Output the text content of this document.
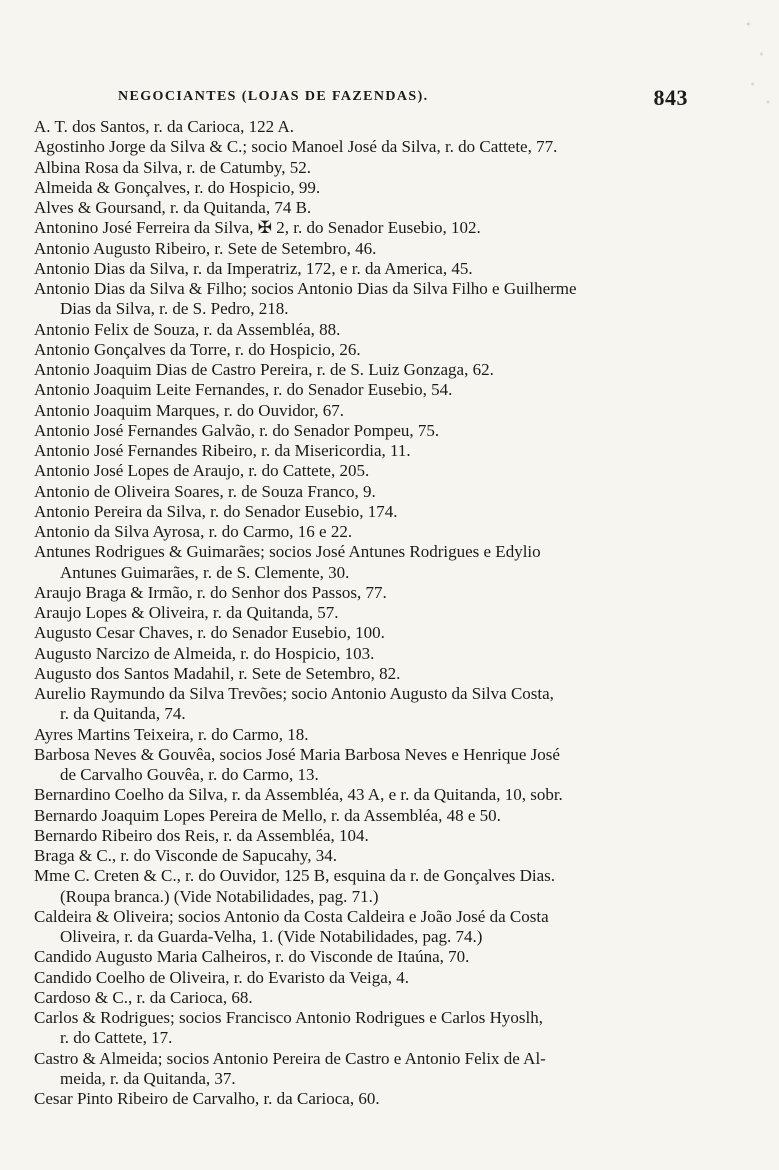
NEGOCIANTES (LOJAS DE FAZENDAS).	843
A. T. dos Santos, r. da Carioca, 122 A.
Agostinho Jorge da Silva & C.; socio Manoel José da Silva, r. do Cattete, 77.
Albina Rosa da Silva, r. de Catumby, 52.
Almeida & Gonçalves, r. do Hospicio, 99.
Alves & Goursand, r. da Quitanda, 74 B.
Antonino José Ferreira da Silva, ✠ 2, r. do Senador Eusebio, 102.
Antonio Augusto Ribeiro, r. Sete de Setembro, 46.
Antonio Dias da Silva, r. da Imperatriz, 172, e r. da America, 45.
Antonio Dias da Silva & Filho; socios Antonio Dias da Silva Filho e Guilherme
Dias da Silva, r. de S. Pedro, 218.
Antonio Felix de Souza, r. da Assembléa, 88.
Antonio Gonçalves da Torre, r. do Hospicio, 26.
Antonio Joaquim Dias de Castro Pereira, r. de S. Luiz Gonzaga, 62.
Antonio Joaquim Leite Fernandes, r. do Senador Eusebio, 54.
Antonio Joaquim Marques, r. do Ouvidor, 67.
Antonio José Fernandes Galvão, r. do Senador Pompeu, 75.
Antonio José Fernandes Ribeiro, r. da Misericordia, 11.
Antonio José Lopes de Araujo, r. do Cattete, 205.
Antonio de Oliveira Soares, r. de Souza Franco, 9.
Antonio Pereira da Silva, r. do Senador Eusebio, 174.
Antonio da Silva Ayrosa, r. do Carmo, 16 e 22.
Antunes Rodrigues & Guimarães; socios José Antunes Rodrigues e Edylio
Antunes Guimarães, r. de S. Clemente, 30.
Araujo Braga & Irmão, r. do Senhor dos Passos, 77.
Araujo Lopes & Oliveira, r. da Quitanda, 57.
Augusto Cesar Chaves, r. do Senador Eusebio, 100.
Augusto Narcizo de Almeida, r. do Hospicio, 103.
Augusto dos Santos Madahil, r. Sete de Setembro, 82.
Aurelio Raymundo da Silva Trevões; socio Antonio Augusto da Silva Costa,
r. da Quitanda, 74.
Ayres Martins Teixeira, r. do Carmo, 18.
Barbosa Neves & Gouvêa, socios José Maria Barbosa Neves e Henrique José
de Carvalho Gouvêa, r. do Carmo, 13.
Bernardino Coelho da Silva, r. da Assembléa, 43 A, e r. da Quitanda, 10, sobr.
Bernardo Joaquim Lopes Pereira de Mello, r. da Assembléa, 48 e 50.
Bernardo Ribeiro dos Reis, r. da Assembléa, 104.
Braga & C., r. do Visconde de Sapucahy, 34.
Mme C. Creten & C., r. do Ouvidor, 125 B, esquina da r. de Gonçalves Dias.
(Roupa branca.) (Vide Notabilidades, pag. 71.)
Caldeira & Oliveira; socios Antonio da Costa Caldeira e João José da Costa
Oliveira, r. da Guarda-Velha, 1. (Vide Notabilidades, pag. 74.)
Candido Augusto Maria Calheiros, r. do Visconde de Itaúna, 70.
Candido Coelho de Oliveira, r. do Evaristo da Veiga, 4.
Cardoso & C., r. da Carioca, 68.
Carlos & Rodrigues; socios Francisco Antonio Rodrigues e Carlos Hyoslh,
r. do Cattete, 17.
Castro & Almeida; socios Antonio Pereira de Castro e Antonio Felix de Al-
meida, r. da Quitanda, 37.
Cesar Pinto Ribeiro de Carvalho, r. da Carioca, 60.
